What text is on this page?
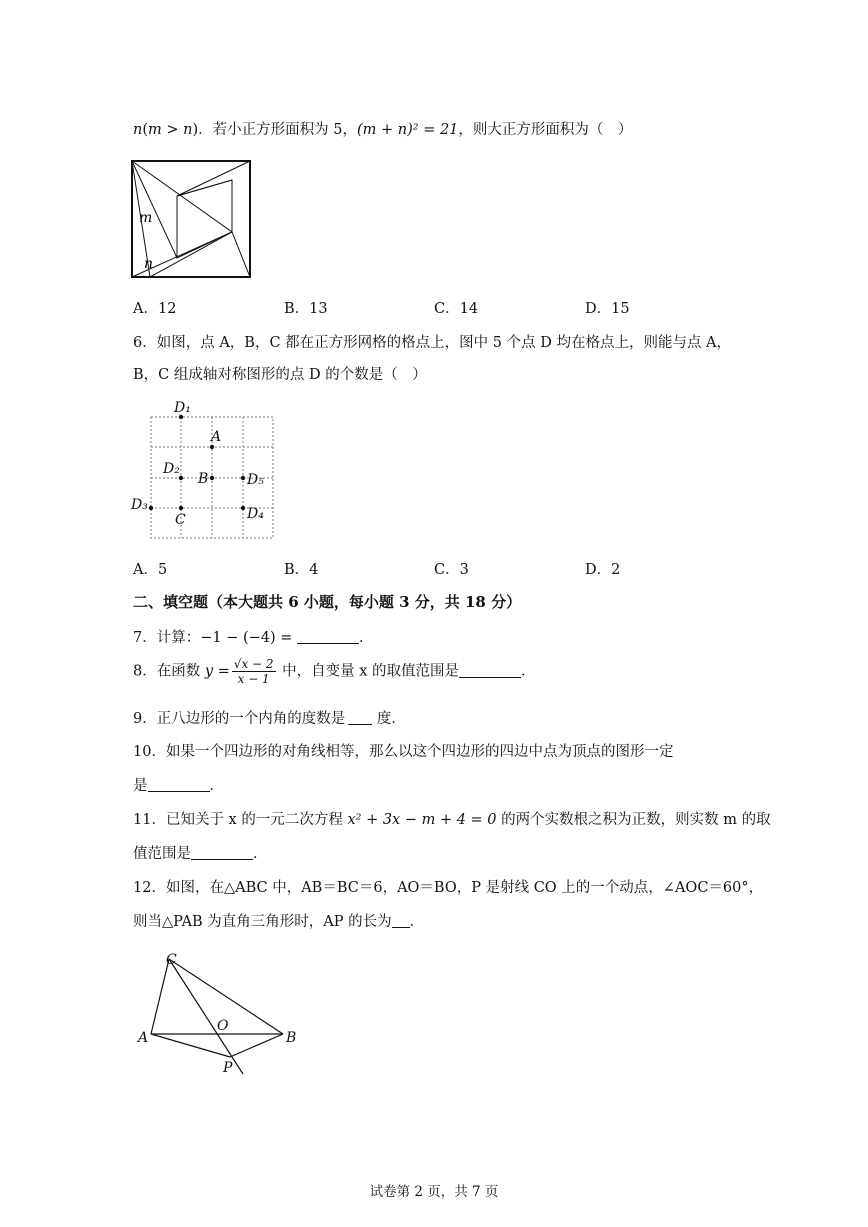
n(m > n)．若小正方形面积为 5，(m + n)² = 21，则大正方形面积为（　）
m
n
A．12	B．13	C．14	D．15
6．如图，点 A，B，C 都在正方形网格的格点上，图中 5 个点 D 均在格点上，则能与点 A，
B，C 组成轴对称图形的点 D 的个数是（　）
D₁
A
D₂
B	D₅
D₃
C	D₄
A．5	B．4	C．3	D．2
二、填空题（本大题共 6 小题，每小题 3 分，共 18 分）
7．计算：−1 − (−4) =	．
8．在函数 $y = \frac{√x - 2}{x - 1}$ 中，自变量 x 的取值范围是	．
9．正八边形的一个内角的度数是 度．
10．如果一个四边形的对角线相等，那么以这个四边形的四边中点为顶点的图形一定
是	．
11．已知关于 x 的一元二次方程 x² + 3x − m + 4 = 0 的两个实数根之积为正数，则实数 m 的取
值范围是	．
12．如图，在△ABC 中，AB＝BC＝6，AO＝BO，P 是射线 CO 上的一个动点，∠AOC＝60°，
则当△PAB 为直角三角形时，AP 的长为 ．
C
O
A	B
P
试卷第 2 页，共 7 页
